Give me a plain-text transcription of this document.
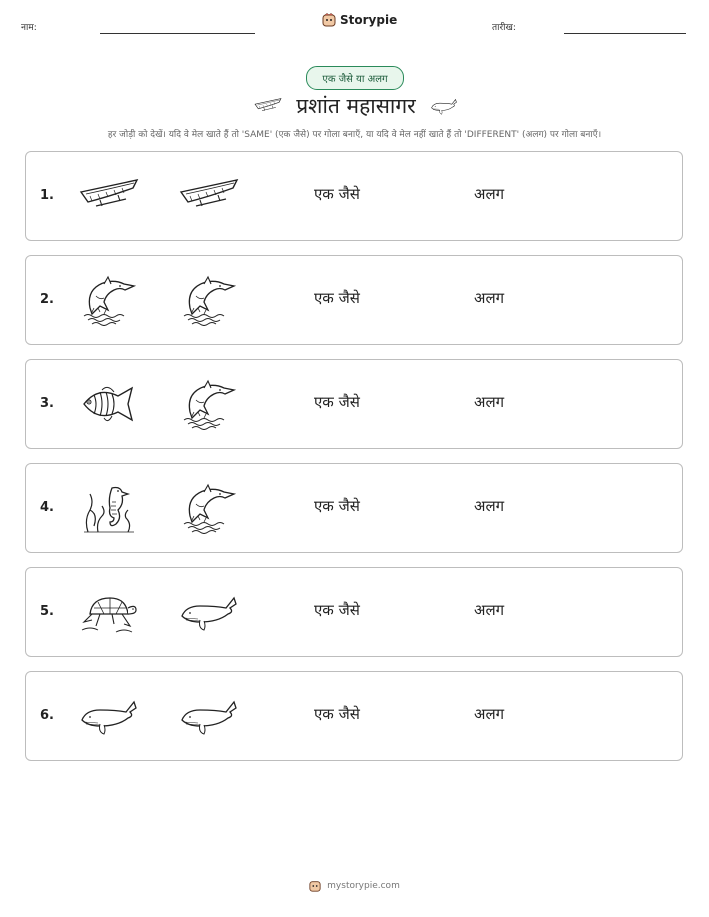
नाम:
Storypie
तारीख:
एक जैसे या अलग
प्रशांत महासागर
हर जोड़ी को देखें। यदि वे मेल खाते हैं तो 'SAME' (एक जैसे) पर गोला बनाएँ, या यदि वे मेल नहीं खाते हैं तो 'DIFFERENT' (अलग) पर गोला बनाएँ।
1.	एक जैसे	अलग
2.	एक जैसे	अलग
3.	एक जैसे	अलग
4.	एक जैसे	अलग
5.	एक जैसे	अलग
6.	एक जैसे	अलग
mystorypie.com
